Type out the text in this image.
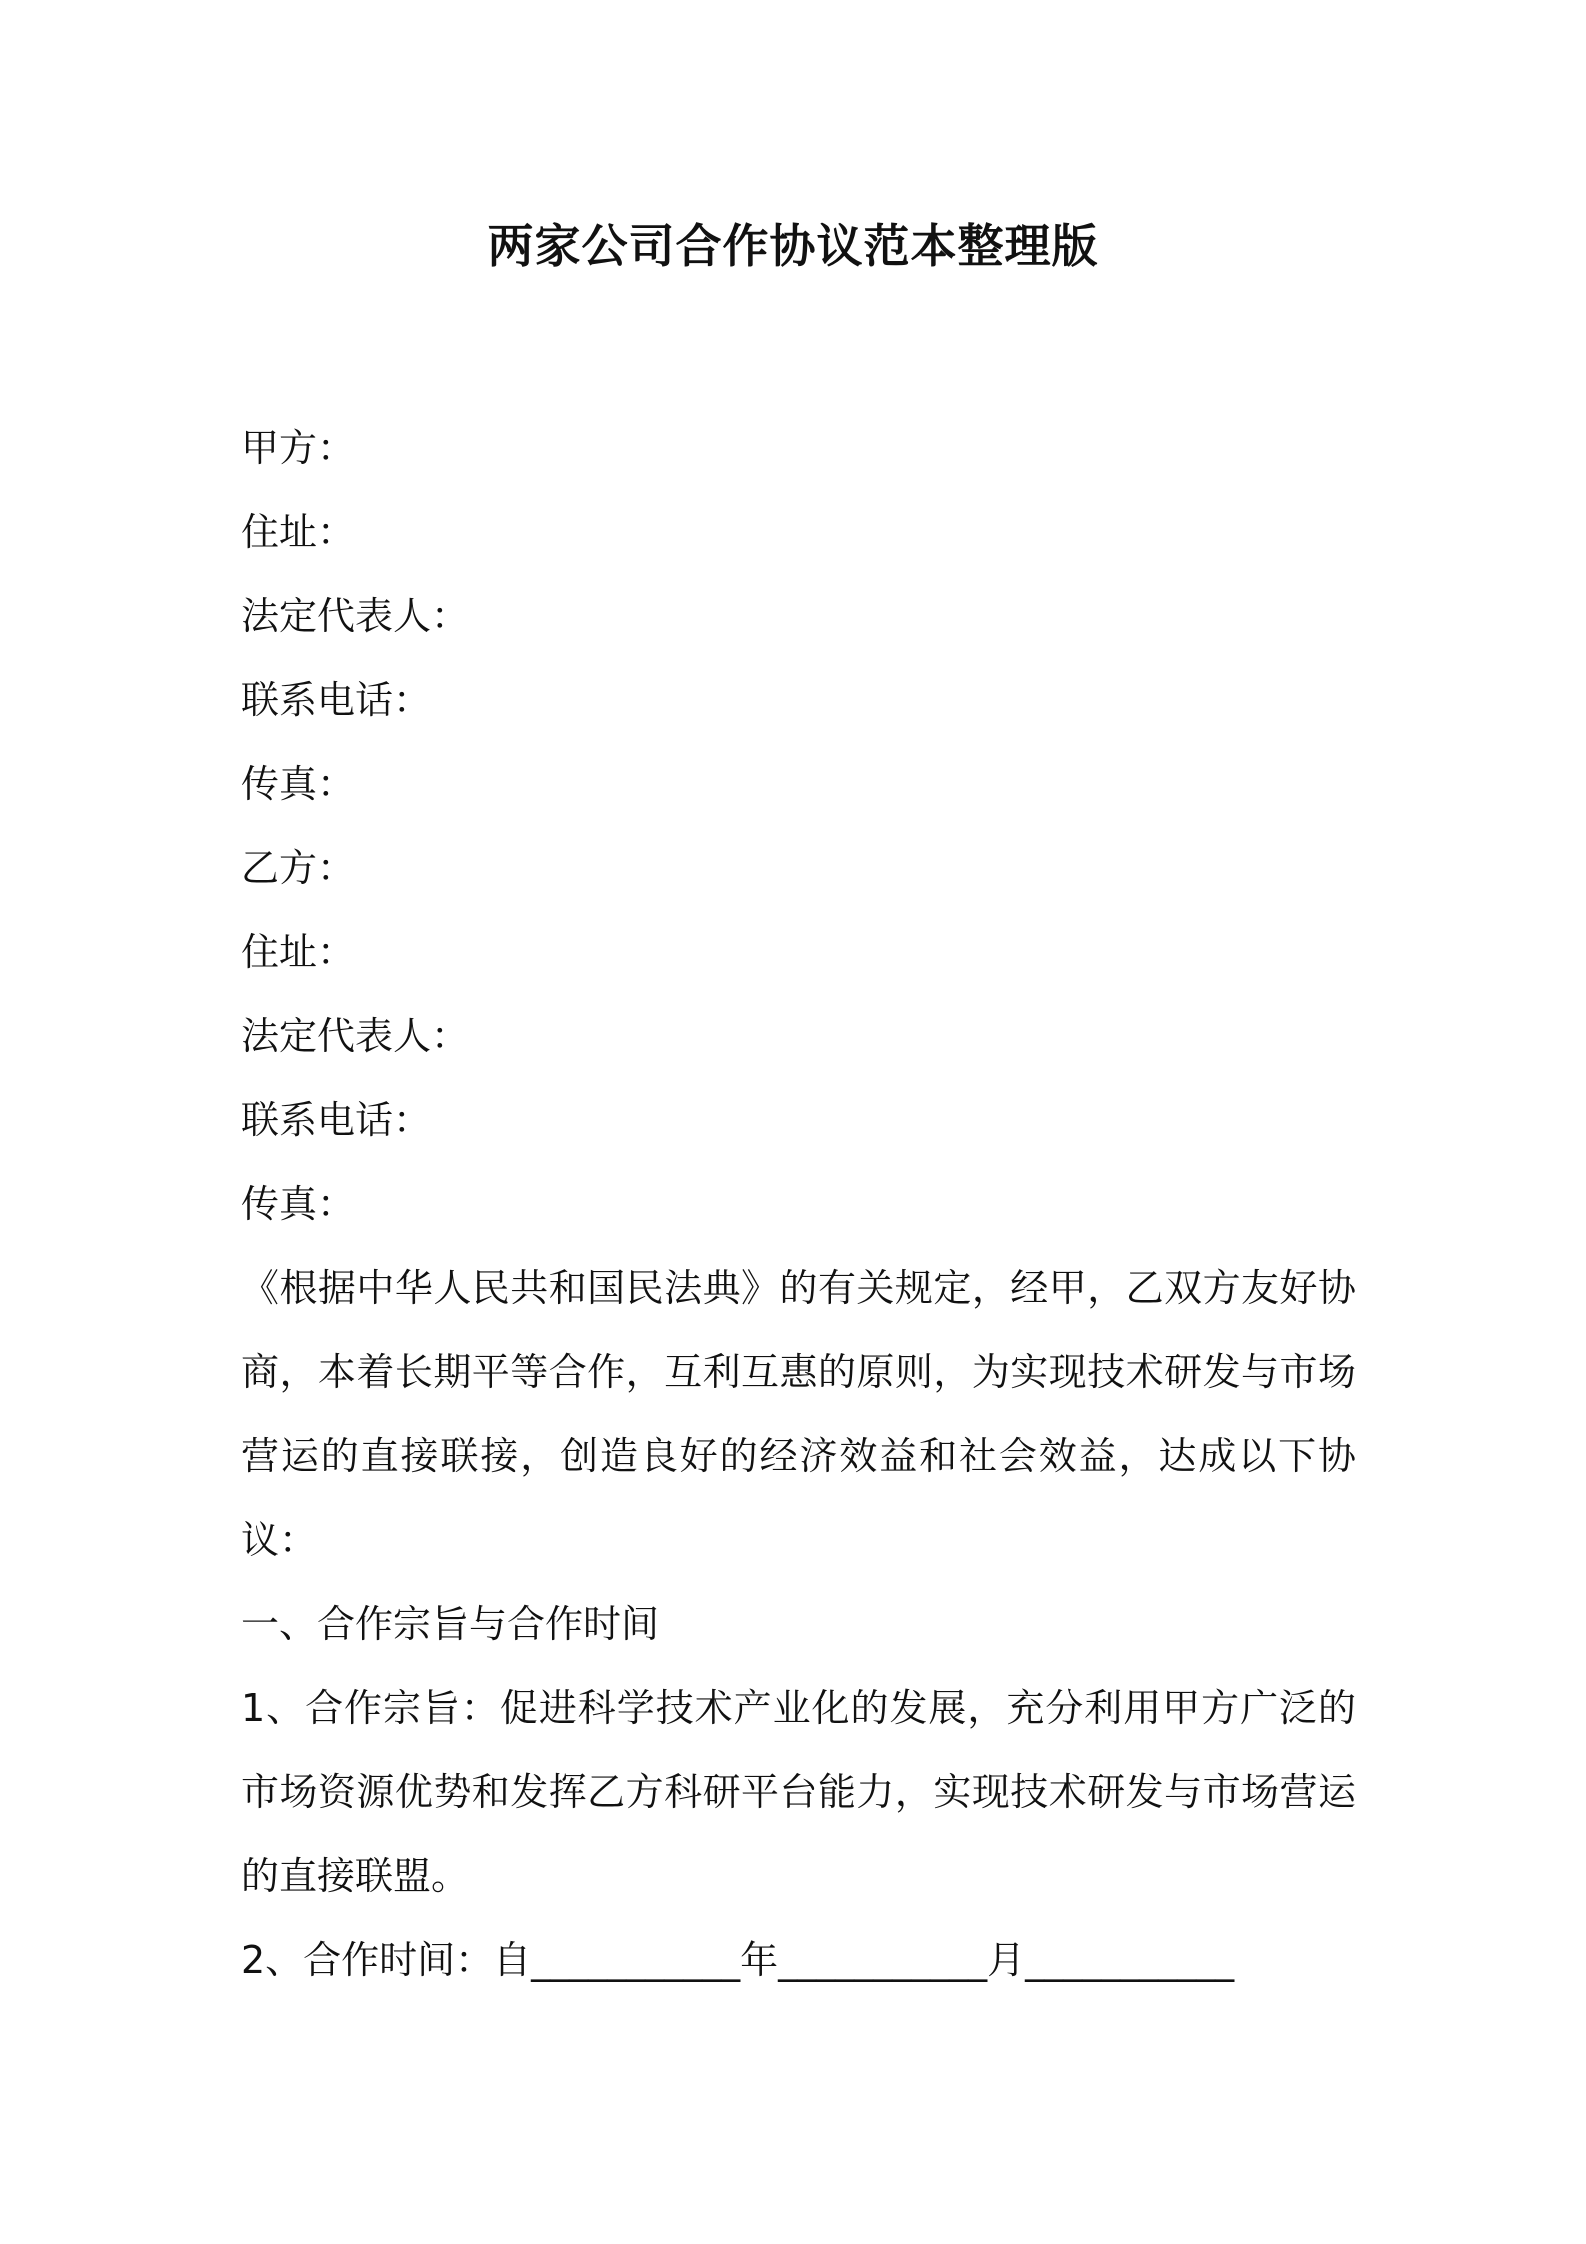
两家公司合作协议范本整理版
甲方：
住址：
法定代表人：
联系电话：
传真：
乙方：
住址：
法定代表人：
联系电话：
传真：
《根据中华人民共和国民法典》的有关规定，经甲，乙双方友好协商，本着长期平等合作，互利互惠的原则，为实现技术研发与市场营运的直接联接，创造良好的经济效益和社会效益，达成以下协议：
一、合作宗旨与合作时间
1、合作宗旨：促进科学技术产业化的发展，充分利用甲方广泛的市场资源优势和发挥乙方科研平台能力，实现技术研发与市场营运的直接联盟。
2、合作时间：自___________年___________月___________
